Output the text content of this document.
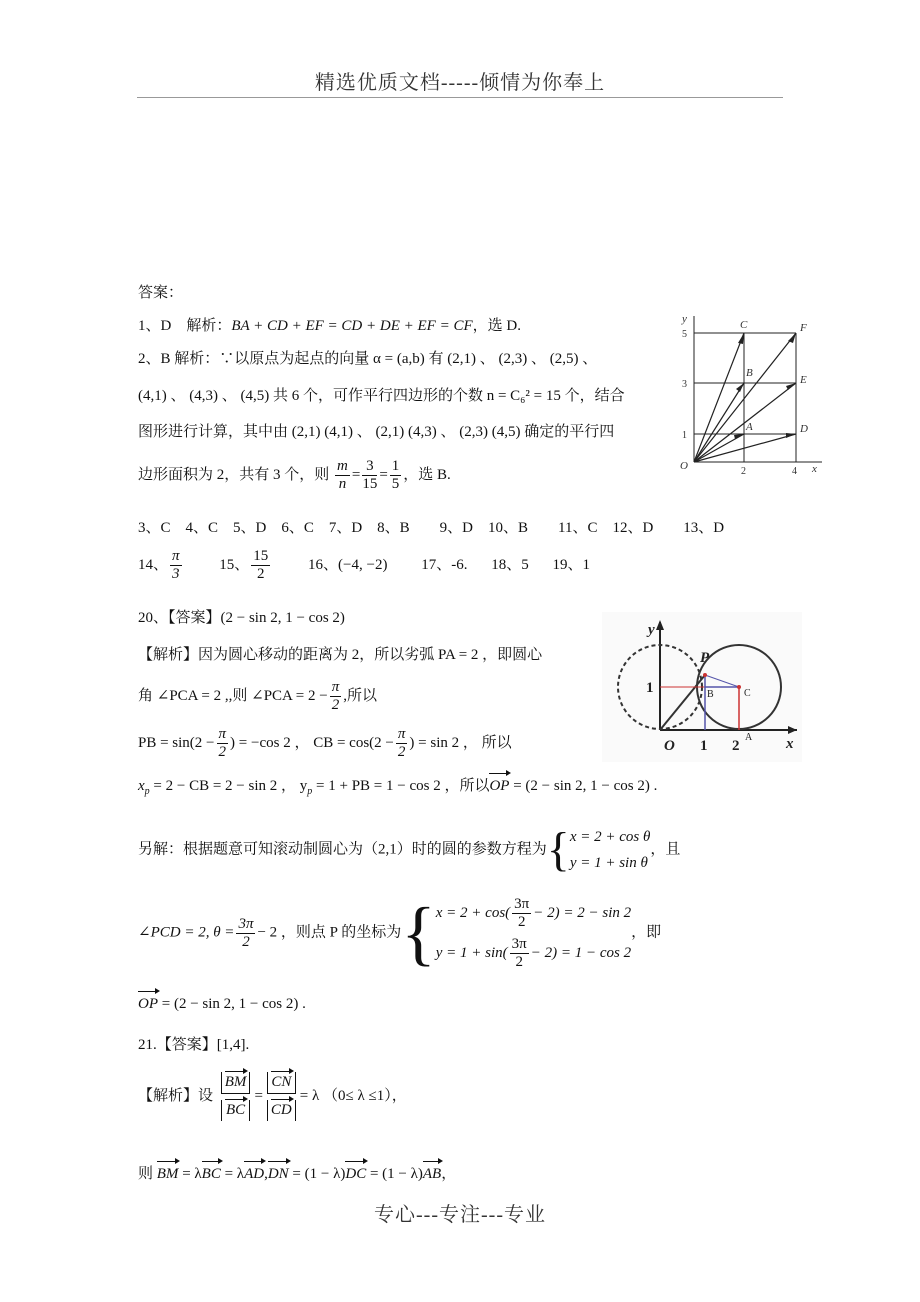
精选优质文档-----倾情为你奉上
答案：
1、D　解析：BA + CD + EF = CD + DE + EF = CF，选 D.
2、B 解析：∵以原点为起点的向量 α = (a,b) 有 (2,1) 、 (2,3) 、 (2,5) 、
(4,1) 、 (4,3) 、 (4,5) 共 6 个，可作平行四边形的个数 n = C₆² = 15 个，结合
图形进行计算，其中由 (2,1) (4,1) 、 (2,1) (4,3) 、 (2,3) (4,5) 确定的平行四
边形面积为 2，共有 3 个，则 $\frac{m}{n} = \frac{3}{15} = \frac{1}{5}$ ，选 B.
y
x
O
C	F
B
E
A	D
5
3
1
2	4
3、C　4、C　5、D　6、C　7、D　8、B　　9、D　10、B　　11、C　12、D　　13、D
14、 $\frac{\pi}{3}$	15、 $\frac{15}{2}$	16、(−4, −2) 17、-6. 18、5 19、1
20、【答案】(2 − sin 2, 1 − cos 2)
【解析】因为圆心移动的距离为 2，所以劣弧 PA = 2 ，即圆心
角 ∠PCA = 2 ,,则 ∠PCA = $2 - \frac{\pi}{2}$ ,所以
PB = $\sin(2 - \frac{\pi}{2}$ ) = −cos 2 ， CB = $\cos(2 - \frac{\pi}{2}$ ) = sin 2 ， 所以
$x_p = 2$ − CB = 2 − sin 2 ， $y_p = 1$ + PB = 1 − cos 2 ，所以OP = (2 − sin 2, 1 − cos 2) .
y
x
O
1
1 2
P
B	C
A
另解：根据题意可知滚动制圆心为（2,1）时的圆的参数方程为{ x = 2 + cos θ
y = 1 + sin θ
，且
∠PCD = 2, $\theta = \frac{3\pi}{2} - 2$ ，则点 P 的坐标为{ $x = 2 + \cos( \frac{3\pi}{2} - 2) = 2 - \sin 2$
$y = 1 + \sin( \frac{3\pi}{2} - 2) = 1 - \cos 2$
，即
OP = (2 − sin 2, 1 − cos 2) .
21.【答案】[1,4].
【解析】设 $\frac{BM}{BC} = \frac{CN}{CD} = \lambda$ （0≤ λ ≤1），
则 BM = λBC = λAD,DN = (1 − λ)DC = (1 − λ)AB，
专心---专注---专业
